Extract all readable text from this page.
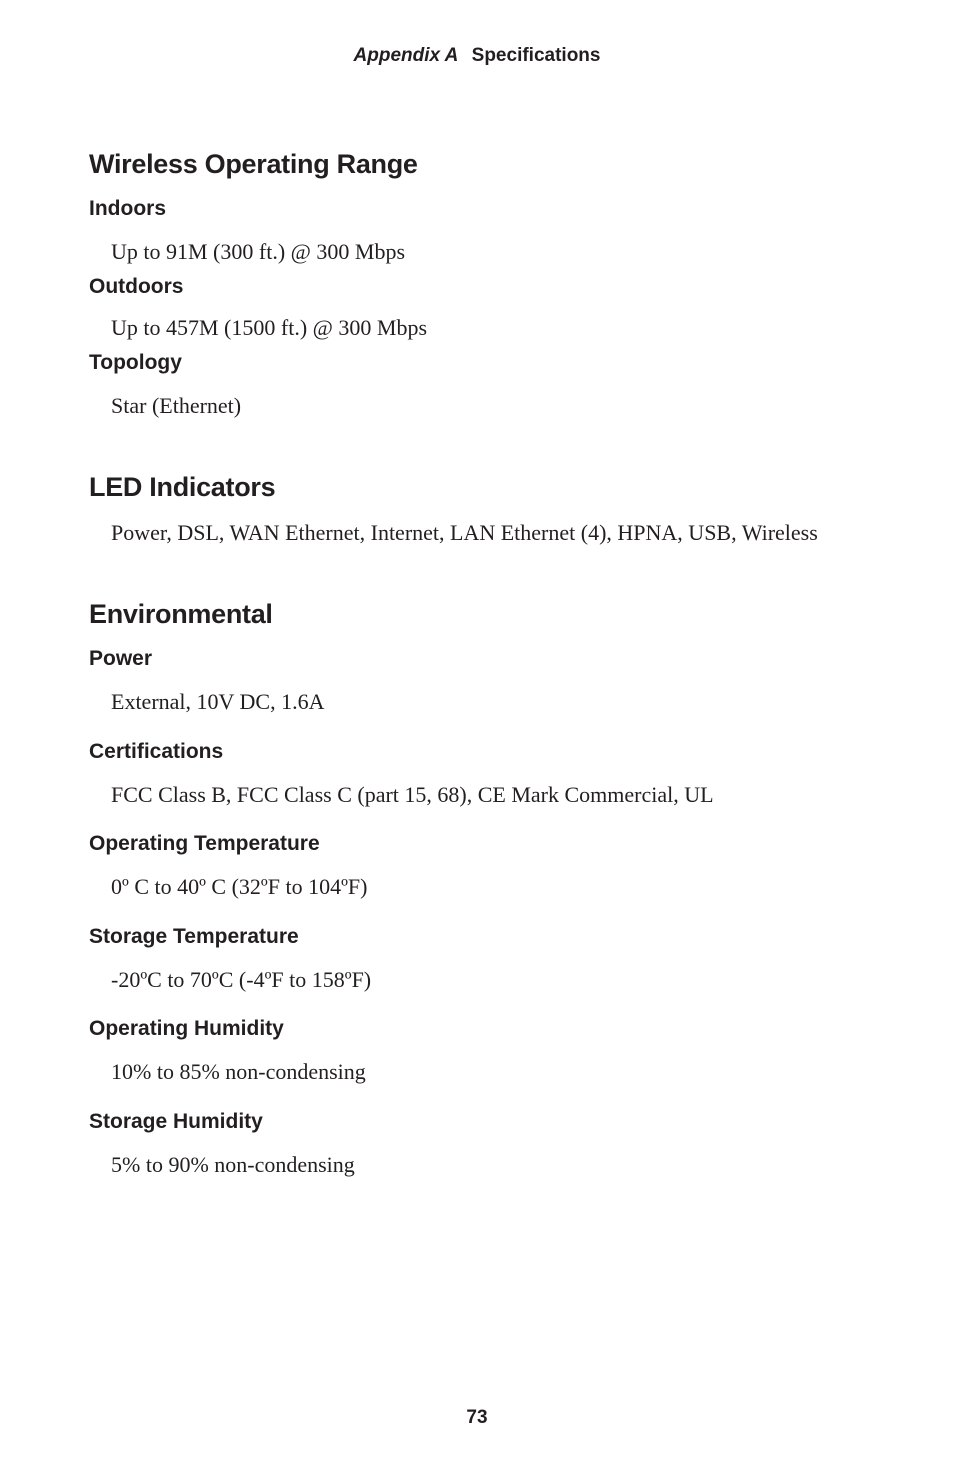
Appendix A Specifications
Wireless Operating Range
Indoors
Up to 91M (300 ft.) @ 300 Mbps
Outdoors
Up to 457M (1500 ft.) @ 300 Mbps
Topology
Star (Ethernet)
LED Indicators
Power, DSL, WAN Ethernet, Internet, LAN Ethernet (4), HPNA, USB, Wireless
Environmental
Power
External, 10V DC, 1.6A
Certifications
FCC Class B, FCC Class C (part 15, 68), CE Mark Commercial, UL
Operating Temperature
0º C to 40º C (32ºF to 104ºF)
Storage Temperature
-20ºC to 70ºC (-4ºF to 158ºF)
Operating Humidity
10% to 85% non-condensing
Storage Humidity
5% to 90% non-condensing
73
